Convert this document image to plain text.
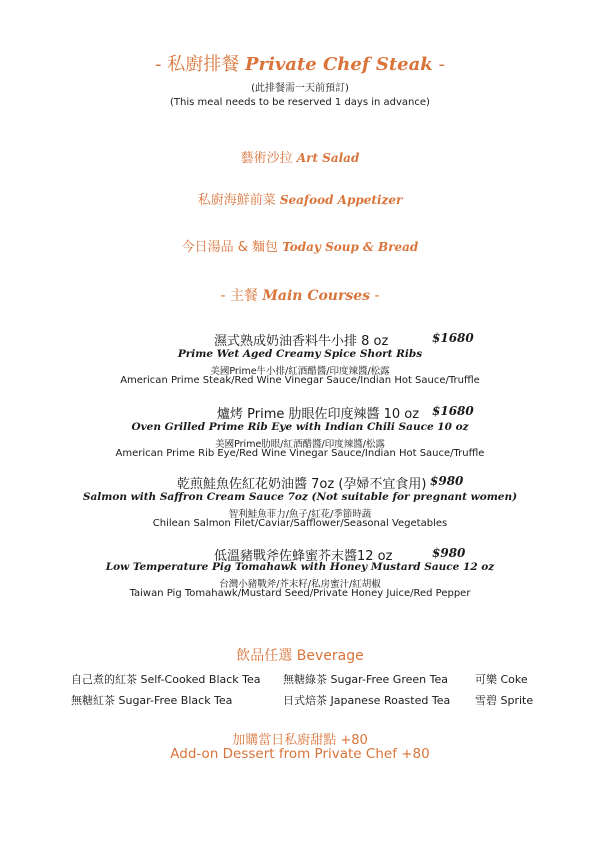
- 私廚排餐 Private Chef Steak -
(此排餐需一天前預訂)
(This meal needs to be reserved 1 days in advance)
藝術沙拉 Art Salad
私廚海鮮前菜 Seafood Appetizer
今日湯品 & 麵包 Today Soup & Bread
- 主餐 Main Courses -
濕式熟成奶油香料牛小排 8 oz	$1680
Prime Wet Aged Creamy Spice Short Ribs
美國Prime牛小排/紅酒醋醬/印度辣醬/松露
American Prime Steak/Red Wine Vinegar Sauce/Indian Hot Sauce/Truffle
爐烤 Prime 肋眼佐印度辣醬 10 oz $1680
Oven Grilled Prime Rib Eye with Indian Chili Sauce 10 oz
美國Prime肋眼/紅酒醋醬/印度辣醬/松露
American Prime Rib Eye/Red Wine Vinegar Sauce/Indian Hot Sauce/Truffle
乾煎鮭魚佐紅花奶油醬 7oz (孕婦不宜食用) $980
Salmon with Saffron Cream Sauce 7oz (Not suitable for pregnant women)
智利鮭魚菲力/魚子/紅花/季節時蔬
Chilean Salmon Filet/Caviar/Safflower/Seasonal Vegetables
低溫豬戰斧佐蜂蜜芥末醬12 oz	$980
Low Temperature Pig Tomahawk with Honey Mustard Sauce 12 oz
台灣小豬戰斧/芥末籽/私房蜜汁/紅胡椒
Taiwan Pig Tomahawk/Mustard Seed/Private Honey Juice/Red Pepper
飲品任選 Beverage
自己煮的紅茶 Self-Cooked Black Tea 無糖綠茶 Sugar-Free Green Tea 可樂 Coke
無糖紅茶 Sugar-Free Black Tea	日式焙茶 Japanese Roasted Tea 雪碧 Sprite
加購當日私廚甜點 +80
Add-on Dessert from Private Chef +80
